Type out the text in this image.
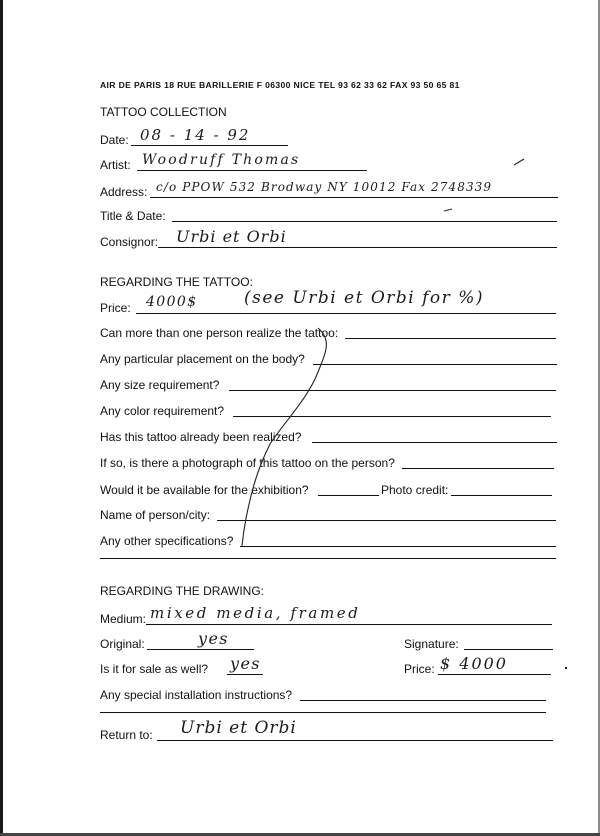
AIR DE PARIS 18 RUE BARILLERIE F 06300 NICE TEL 93 62 33 62 FAX 93 50 65 81
TATTOO COLLECTION
Date: 08 - 14 - 92
Artist: Woodruff Thomas
Address: c/o PPOW 532 Brodway NY 10012 Fax 2748339
Title & Date:
Consignor: Urbi et Orbi
REGARDING THE TATTOO:
Price: 4000$	(see Urbi et Orbi for %)
Can more than one person realize the tattoo:
Any particular placement on the body?
Any size requirement?
Any color requirement?
Has this tattoo already been realized?
If so, is there a photograph of this tattoo on the person?
Would it be available for the exhibition?	Photo credit:
Name of person/city:
Any other specifications?
REGARDING THE DRAWING:
Medium: mixed media, framed
Original:	yes	Signature:
Is it for sale as well? yes	Price: $ 4000
Any special installation instructions?
Return to: Urbi et Orbi
